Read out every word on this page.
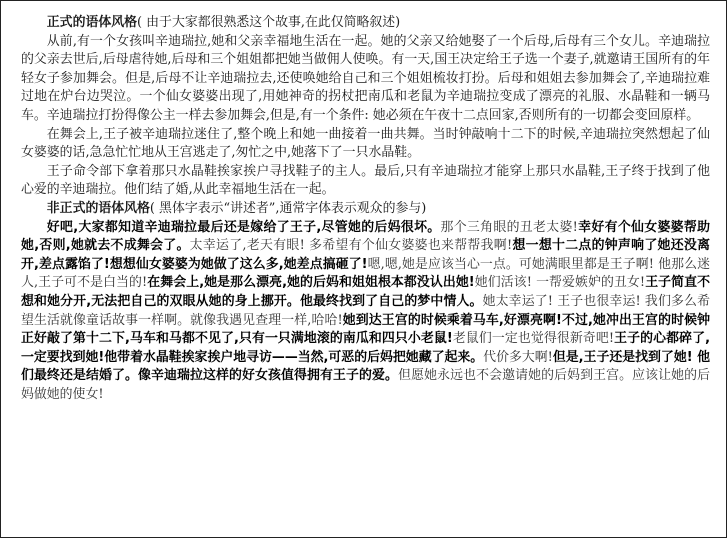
正式的语体风格( 由于大家都很熟悉这个故事,在此仅简略叙述)

从前,有一个女孩叫辛迪瑞拉,她和父亲幸福地生活在一起。她的父亲又给她娶了一个后母,后母有三个女儿。辛迪瑞拉的父亲去世后,后母虐待她,后母和三个姐姐都把她当做佣人使唤。有一天,国王决定给王子选一个妻子,就邀请王国所有的年轻女子参加舞会。但是,后母不让辛迪瑞拉去,还使唤她给自己和三个姐姐梳妆打扮。后母和姐姐去参加舞会了,辛迪瑞拉难过地在炉台边哭泣。一个仙女婆婆出现了,用她神奇的拐杖把南瓜和老鼠为辛迪瑞拉变成了漂亮的礼服、水晶鞋和一辆马车。辛迪瑞拉打扮得像公主一样去参加舞会,但是,有一个条件: 她必须在午夜十二点回家,否则所有的一切都会变回原样。

在舞会上,王子被辛迪瑞拉迷住了,整个晚上和她一曲接着一曲共舞。当时钟敲响十二下的时候,辛迪瑞拉突然想起了仙女婆婆的话,急急忙忙地从王宫逃走了,匆忙之中,她落下了一只水晶鞋。

王子命令部下拿着那只水晶鞋挨家挨户寻找鞋子的主人。最后,只有辛迪瑞拉才能穿上那只水晶鞋,王子终于找到了他心爱的辛迪瑞拉。他们结了婚,从此幸福地生活在一起。

非正式的语体风格( 黑体字表示“讲述者”,通常字体表示观众的参与)

好吧,大家都知道辛迪瑞拉最后还是嫁给了王子,尽管她的后妈很坏。那个三角眼的丑老太婆!幸好有个仙女婆婆帮助她,否则,她就去不成舞会了。太幸运了,老天有眼! 多希望有个仙女婆婆也来帮帮我啊!想一想十二点的钟声响了她还没离开,差点露馅了!想想仙女婆婆为她做了这么多,她差点搞砸了!嗯,嗯,她是应该当心一点。可她满眼里都是王子啊! 他那么迷人,王子可不是白当的!在舞会上,她是那么漂亮,她的后妈和姐姐根本都没认出她!她们活该! 一帮爱嫉妒的丑女!王子简直不想和她分开,无法把自己的双眼从她的身上挪开。他最终找到了自己的梦中情人。她太幸运了! 王子也很幸运! 我们多么希望生活就像童话故事一样啊。就像我遇见查理一样,哈哈!她到达王宫的时候乘着马车,好漂亮啊!不过,她冲出王宫的时候钟正好敲了第十二下,马车和马都不见了,只有一只满地滚的南瓜和四只小老鼠!老鼠们一定也觉得很新奇吧!王子的心都碎了,一定要找到她!他带着水晶鞋挨家挨户地寻访——当然,可恶的后妈把她藏了起来。代价多大啊!但是,王子还是找到了她! 他们最终还是结婚了。像辛迪瑞拉这样的好女孩值得拥有王子的爱。但愿她永远也不会邀请她的后妈到王宫。应该让她的后妈做她的使女!
